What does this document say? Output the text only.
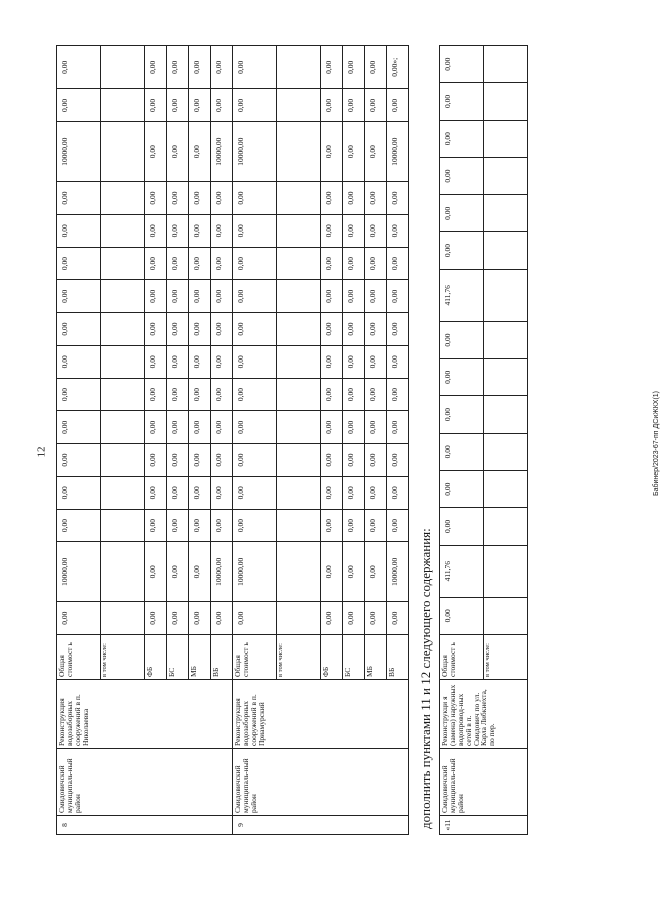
12	Бабинер/2023-67-пп ДСиЖКХ(1)
8	Смидовичский муниципаль-ный район	Реконструкция водозаборных сооружений в п. Николаевка	Общая стоимост ь	0,00	10000,00	0,00	0,00	0,00	0,00	0,00	0,00	0,00	0,00	0,00	0,00	0,00	10000,00	0,00	0,00
			в том числе:																
			ФБ	0,00	0,00	0,00	0,00	0,00	0,00	0,00	0,00	0,00	0,00	0,00	0,00	0,00	0,00	0,00	0,00
			БС	0,00	0,00	0,00	0,00	0,00	0,00	0,00	0,00	0,00	0,00	0,00	0,00	0,00	0,00	0,00	0,00
			МБ	0,00	0,00	0,00	0,00	0,00	0,00	0,00	0,00	0,00	0,00	0,00	0,00	0,00	0,00	0,00	0,00
			ВБ	0,00	10000,00	0,00	0,00	0,00	0,00	0,00	0,00	0,00	0,00	0,00	0,00	0,00	10000,00	0,00	0,00
9	Смидовичский муниципаль-ный район	Реконструкция водозаборных сооружений в п. Приамурский	Общая стоимост ь	0,00	10000,00	0,00	0,00	0,00	0,00	0,00	0,00	0,00	0,00	0,00	0,00	0,00	10000,00	0,00	0,00
			в том числе:																
			ФБ	0,00	0,00	0,00	0,00	0,00	0,00	0,00	0,00	0,00	0,00	0,00	0,00	0,00	0,00	0,00	0,00
			БС	0,00	0,00	0,00	0,00	0,00	0,00	0,00	0,00	0,00	0,00	0,00	0,00	0,00	0,00	0,00	0,00
			МБ	0,00	0,00	0,00	0,00	0,00	0,00	0,00	0,00	0,00	0,00	0,00	0,00	0,00	0,00	0,00	0,00
			ВБ	0,00	10000,00	0,00	0,00	0,00	0,00	0,00	0,00	0,00	0,00	0,00	0,00	0,00	10000,00	0,00	0,00»;
дополнить пунктами 11 и 12 следующего содержания: «11	Смидовичский муниципаль-ный район	Реконструкци я (замена) наружных водопровод-ных сетей в п. Смидович по ул. Карла Либкнехта, по пер.	Общая стоимост ь	0,00	411,76	0,00	0,00	0,00	0,00	0,00	0,00	411,76	0,00	0,00	0,00	0,00	0,00	0,00
			в том числе:															
